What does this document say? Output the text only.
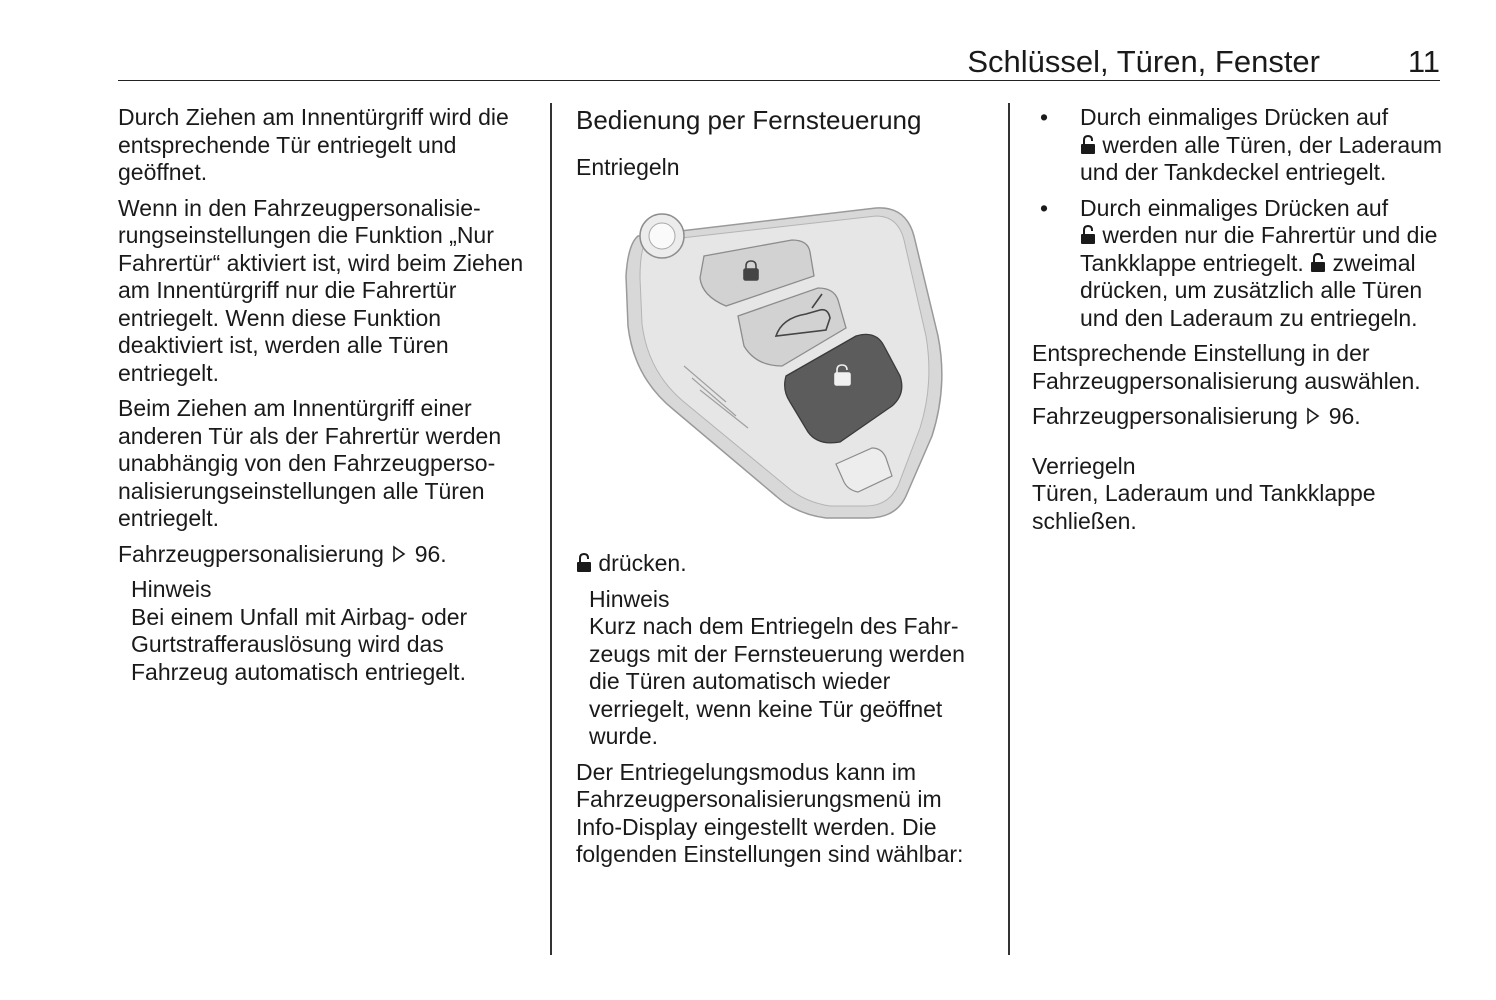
Schlüssel, Türen, Fenster	11

Durch Ziehen am Innentürgriff wird die entsprechende Tür entriegelt und geöffnet.

Wenn in den Fahrzeugpersonalisierungseinstellungen die Funktion „Nur Fahrertür“ aktiviert ist, wird beim Ziehen am Innentürgriff nur die Fahrertür entriegelt. Wenn diese Funktion deaktiviert ist, werden alle Türen entriegelt.

Beim Ziehen am Innentürgriff einer anderen Tür als der Fahrertür werden unabhängig von den Fahrzeugpersonalisierungseinstellungen alle Türen entriegelt.

Fahrzeugpersonalisierung 96.

Hinweis
Bei einem Unfall mit Airbag- oder Gurtstrafferauslösung wird das Fahrzeug automatisch entriegelt.
Bedienung per Fernsteuerung
Entriegeln

drücken.

Hinweis
Kurz nach dem Entriegeln des Fahrzeugs mit der Fernsteuerung werden die Türen automatisch wieder verriegelt, wenn keine Tür geöffnet wurde.

Der Entriegelungsmodus kann im Fahrzeugpersonalisierungsmenü im Info-Display eingestellt werden. Die folgenden Einstellungen sind wählbar:

• Durch einmaliges Drücken auf
werden alle Türen, der Laderaum und der Tankdeckel entriegelt.
• Durch einmaliges Drücken auf
werden nur die Fahrertür und die Tankklappe entriegelt. zweimal drücken, um zusätzlich alle Türen und den Laderaum zu entriegeln.

Entsprechende Einstellung in der Fahrzeugpersonalisierung auswählen.

Fahrzeugpersonalisierung 96.

Verriegeln

Türen, Laderaum und Tankklappe schließen.
